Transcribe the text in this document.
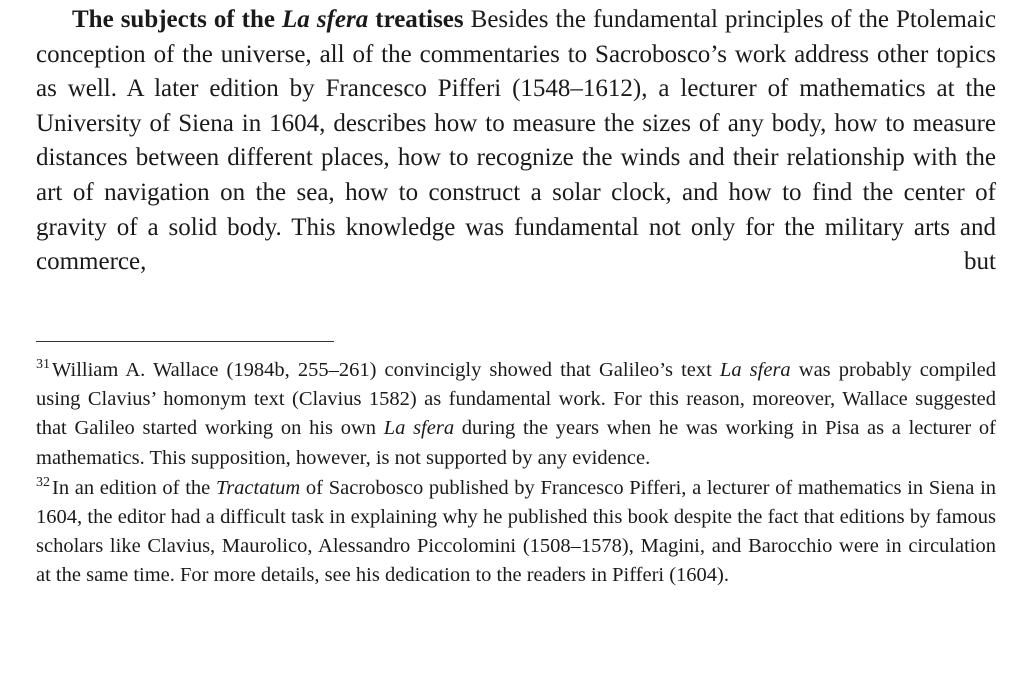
The subjects of the La sfera treatises Besides the fundamental principles of the Ptolemaic conception of the universe, all of the commentaries to Sacrobosco’s work address other topics as well. A later edition by Francesco Pifferi (1548–1612), a lecturer of mathematics at the University of Siena in 1604, describes how to measure the sizes of any body, how to measure distances between different places, how to recognize the winds and their relationship with the art of navigation on the sea, how to construct a solar clock, and how to find the center of gravity of a solid body. This knowledge was fundamental not only for the military arts and commerce, but

$^{31}$William A. Wallace (1984b, 255–261) convincigly showed that Galileo’s text La sfera was probably compiled using Clavius’ homonym text (Clavius 1582) as fundamental work. For this reason, moreover, Wallace suggested that Galileo started working on his own La sfera during the years when he was working in Pisa as a lecturer of mathematics. This supposition, however, is not supported by any evidence.

$^{32}$In an edition of the Tractatum of Sacrobosco published by Francesco Pifferi, a lecturer of mathematics in Siena in 1604, the editor had a difficult task in explaining why he published this book despite the fact that editions by famous scholars like Clavius, Maurolico, Alessandro Piccolomini (1508–1578), Magini, and Barocchio were in circulation at the same time. For more details, see his dedication to the readers in Pifferi (1604).
